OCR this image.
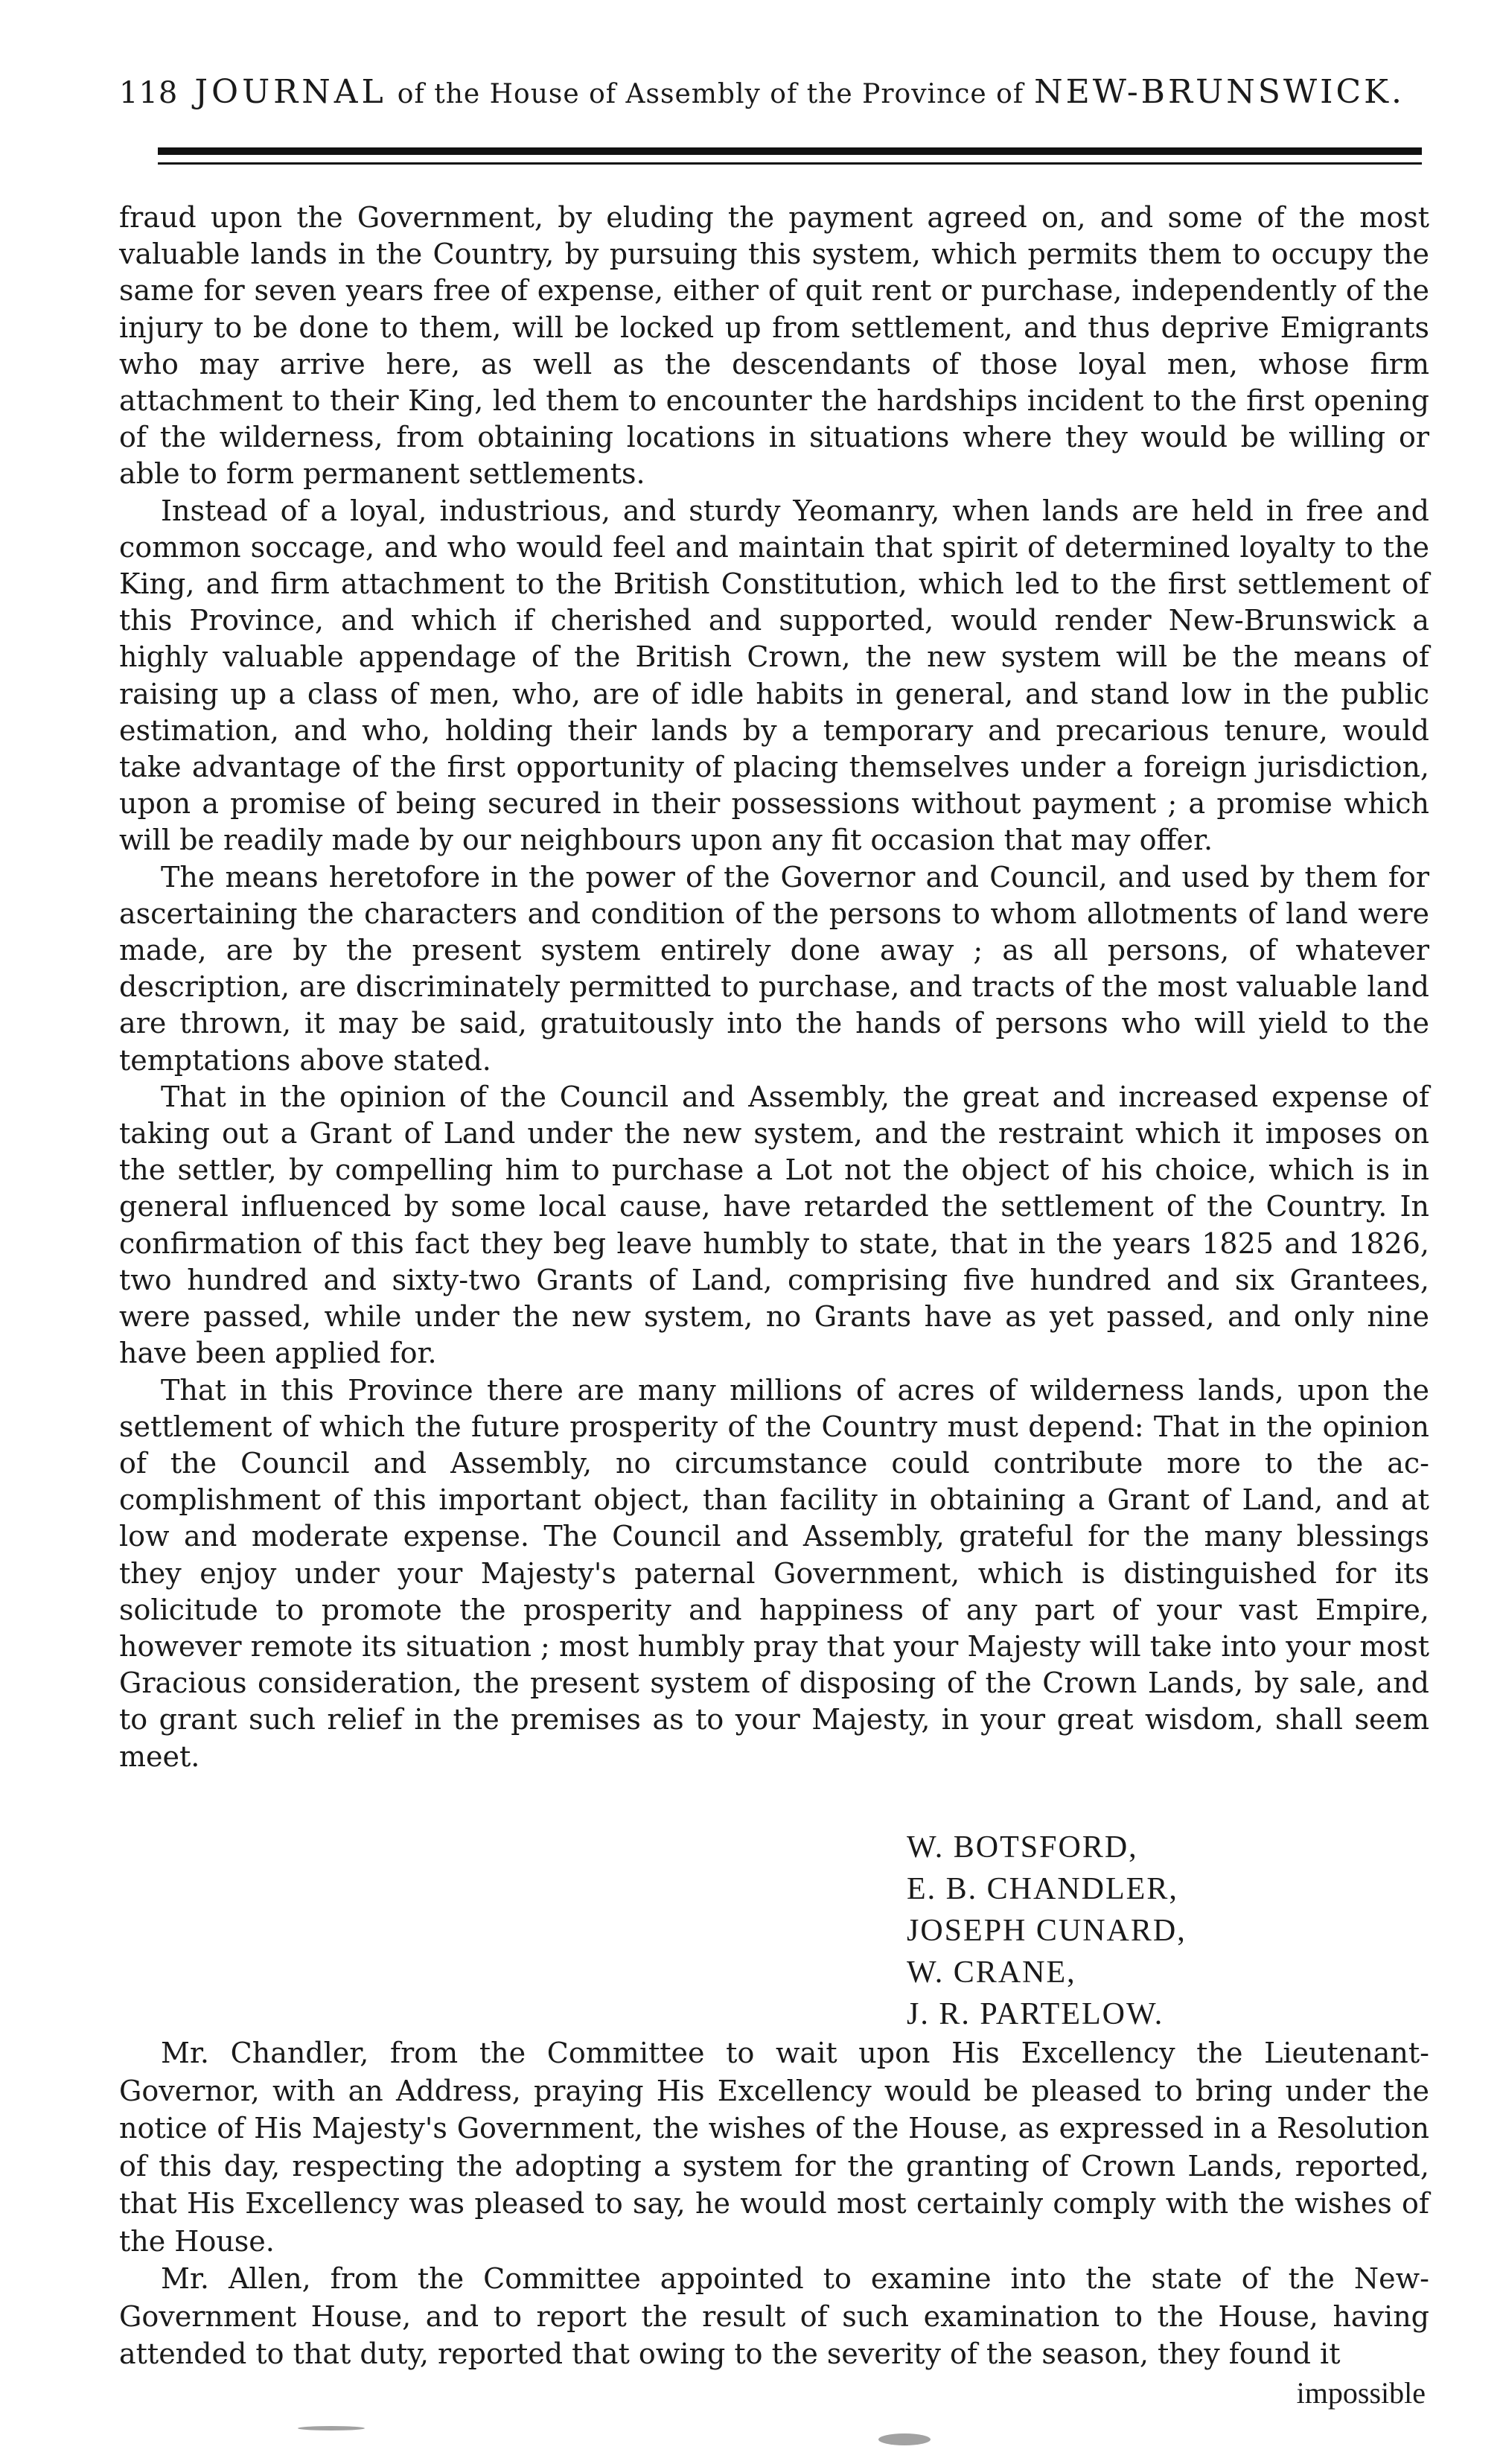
118 JOURNAL of the House of Assembly of the Province of NEW-BRUNSWICK.

fraud upon the Government, by eluding the payment agreed on, and some of the most valuable lands in the Country, by pursuing this system, which permits them to occupy the same for seven years free of expense, either of quit rent or purchase, independently of the injury to be done to them, will be locked up from settlement, and thus deprive Emigrants who may arrive here, as well as the descendants of those loyal men, whose firm attachment to their King, led them to encounter the hardships incident to the first opening of the wilderness, from obtaining locations in situations where they would be willing or able to form permanent settlements.

Instead of a loyal, industrious, and sturdy Yeomanry, when lands are held in free and common soccage, and who would feel and maintain that spirit of determined loyalty to the King, and firm attachment to the British Constitution, which led to the first settlement of this Province, and which if cherished and supported, would render New-Brunswick a highly valuable appendage of the British Crown, the new system will be the means of raising up a class of men, who, are of idle habits in general, and stand low in the public estimation, and who, holding their lands by a temporary and precarious tenure, would take advantage of the first opportunity of placing themselves under a foreign jurisdiction, upon a promise of being secured in their possessions without payment ; a promise which will be readily made by our neighbours upon any fit occasion that may offer.

The means heretofore in the power of the Governor and Council, and used by them for ascertaining the characters and condition of the persons to whom allotments of land were made, are by the present system entirely done away ; as all persons, of whatever description, are discriminately permitted to purchase, and tracts of the most valuable land are thrown, it may be said, gratuitously into the hands of persons who will yield to the temptations above stated.

That in the opinion of the Council and Assembly, the great and increased expense of taking out a Grant of Land under the new system, and the restraint which it imposes on the settler, by compelling him to purchase a Lot not the object of his choice, which is in general influenced by some local cause, have retarded the settlement of the Country. In confirmation of this fact they beg leave humbly to state, that in the years 1825 and 1826, two hundred and sixty-two Grants of Land, comprising five hundred and six Grantees, were passed, while under the new system, no Grants have as yet passed, and only nine have been applied for.

That in this Province there are many millions of acres of wilderness lands, upon the settlement of which the future prosperity of the Country must depend: That in the opinion of the Council and Assembly, no circumstance could contribute more to the accomplishment of this important object, than facility in obtaining a Grant of Land, and at low and moderate expense. The Council and Assembly, grateful for the many blessings they enjoy under your Majesty's paternal Government, which is distinguished for its solicitude to promote the prosperity and happiness of any part of your vast Empire, however remote its situation ; most humbly pray that your Majesty will take into your most Gracious consideration, the present system of disposing of the Crown Lands, by sale, and to grant such relief in the premises as to your Majesty, in your great wisdom, shall seem meet.

W. BOTSFORD,
E. B. CHANDLER,
JOSEPH CUNARD,
W. CRANE,
J. R. PARTELOW.

Mr. Chandler, from the Committee to wait upon His Excellency the Lieutenant-Governor, with an Address, praying His Excellency would be pleased to bring under the notice of His Majesty's Government, the wishes of the House, as expressed in a Resolution of this day, respecting the adopting a system for the granting of Crown Lands, reported, that His Excellency was pleased to say, he would most certainly comply with the wishes of the House.

Mr. Allen, from the Committee appointed to examine into the state of the New-Government House, and to report the result of such examination to the House, having attended to that duty, reported that owing to the severity of the season, they found it

impossible
